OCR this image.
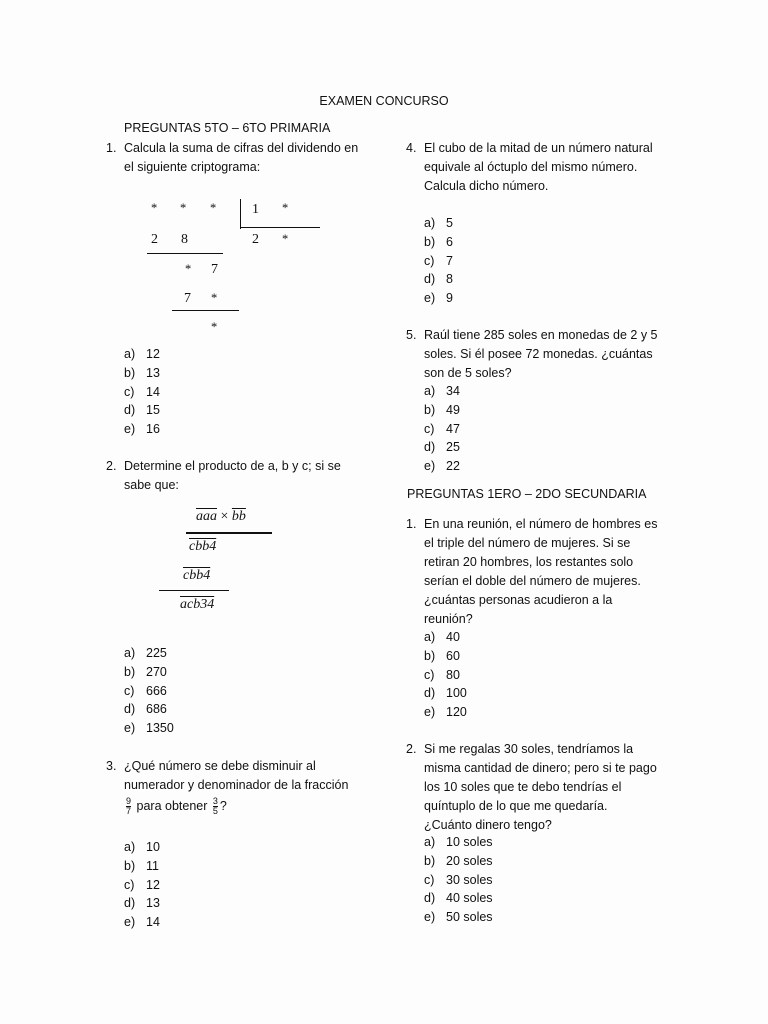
EXAMEN CONCURSO
PREGUNTAS 5TO – 6TO PRIMARIA
1. Calcula la suma de cifras del dividendo en
el siguiente criptograma:
* * *	1 *
2 8	2 *
* 7
7 *
*
a) 12
b) 13
c) 14
d) 15
e) 16
2. Determine el producto de a, b y c; si se
sabe que:
$\overline{aaa} \times \overline{bb}$
cbb4
cbb4
acb34
a) 225
b) 270
c) 666
d) 686
e) 1350
3. ¿Qué número se debe disminuir al
numerador y denominador de la fracción
$\frac{9}{7}$ para obtener $\frac{3}{5}$ ?
a) 10
b) 11
c) 12
d) 13
e) 14
4. El cubo de la mitad de un número natural
equivale al óctuplo del mismo número.
Calcula dicho número.
a) 5
b) 6
c) 7
d) 8
e) 9
5. Raúl tiene 285 soles en monedas de 2 y 5
soles. Si él posee 72 monedas. ¿cuántas
son de 5 soles?
a) 34
b) 49
c) 47
d) 25
e) 22
PREGUNTAS 1ERO – 2DO SECUNDARIA
1. En una reunión, el número de hombres es
el triple del número de mujeres. Si se
retiran 20 hombres, los restantes solo
serían el doble del número de mujeres.
¿cuántas personas acudieron a la
reunión?
a) 40
b) 60
c) 80
d) 100
e) 120
2. Si me regalas 30 soles, tendríamos la
misma cantidad de dinero; pero si te pago
los 10 soles que te debo tendrías el
quíntuplo de lo que me quedaría.
¿Cuánto dinero tengo?
a) 10 soles
b) 20 soles
c) 30 soles
d) 40 soles
e) 50 soles
